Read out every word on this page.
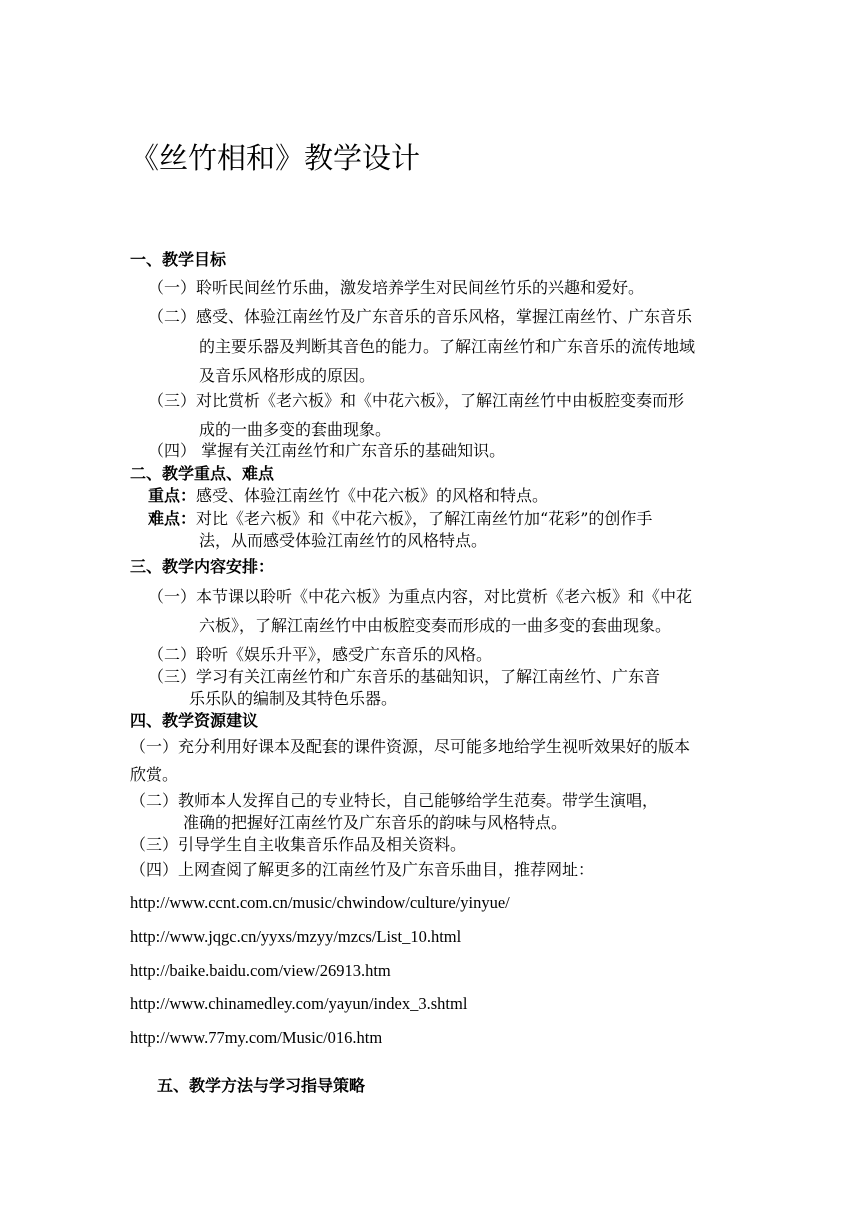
《丝竹相和》教学设计
一、教学目标
（一）聆听民间丝竹乐曲，激发培养学生对民间丝竹乐的兴趣和爱好。
（二）感受、体验江南丝竹及广东音乐的音乐风格，掌握江南丝竹、广东音乐
的主要乐器及判断其音色的能力。了解江南丝竹和广东音乐的流传地域
及音乐风格形成的原因。
（三）对比赏析《老六板》和《中花六板》，了解江南丝竹中由板腔变奏而形
成的一曲多变的套曲现象。
（四） 掌握有关江南丝竹和广东音乐的基础知识。
二、教学重点、难点
重点：感受、体验江南丝竹《中花六板》的风格和特点。
难点：对比《老六板》和《中花六板》，了解江南丝竹加“花彩”的创作手
法，从而感受体验江南丝竹的风格特点。
三、教学内容安排：
（一）本节课以聆听《中花六板》为重点内容，对比赏析《老六板》和《中花
六板》，了解江南丝竹中由板腔变奏而形成的一曲多变的套曲现象。
（二）聆听《娱乐升平》，感受广东音乐的风格。
（三）学习有关江南丝竹和广东音乐的基础知识，了解江南丝竹、广东音
乐乐队的编制及其特色乐器。
四、教学资源建议
（一）充分利用好课本及配套的课件资源，尽可能多地给学生视听效果好的版本
欣赏。
（二）教师本人发挥自己的专业特长，自己能够给学生范奏。带学生演唱，
准确的把握好江南丝竹及广东音乐的韵味与风格特点。
（三）引导学生自主收集音乐作品及相关资料。
（四）上网查阅了解更多的江南丝竹及广东音乐曲目，推荐网址：
http://www.ccnt.com.cn/music/chwindow/culture/yinyue/
http://www.jqgc.cn/yyxs/mzyy/mzcs/List_10.html
http://baike.baidu.com/view/26913.htm
http://www.chinamedley.com/yayun/index_3.shtml
http://www.77my.com/Music/016.htm
五、教学方法与学习指导策略
